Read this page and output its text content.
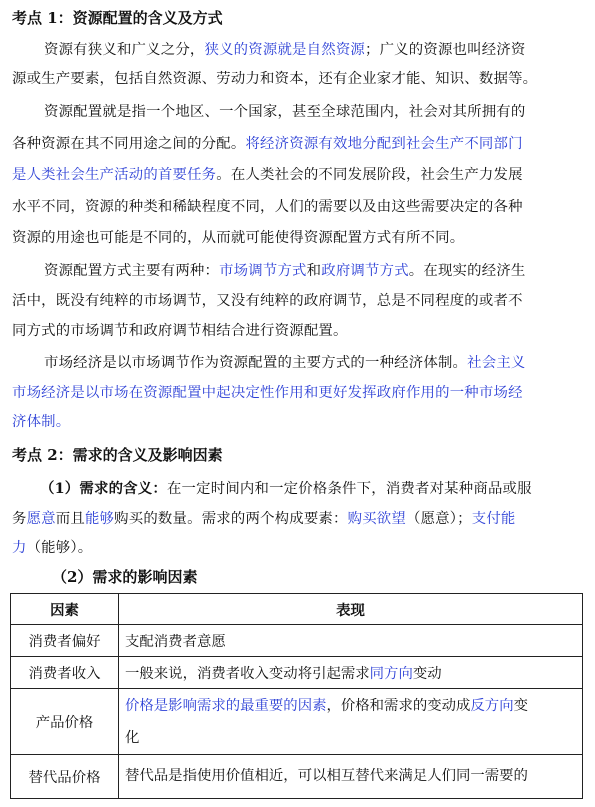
考点 1：资源配置的含义及方式
资源有狭义和广义之分，狭义的资源就是自然资源；广义的资源也叫经济资
源或生产要素，包括自然资源、劳动力和资本，还有企业家才能、知识、数据等。
资源配置就是指一个地区、一个国家，甚至全球范围内，社会对其所拥有的
各种资源在其不同用途之间的分配。将经济资源有效地分配到社会生产不同部门
是人类社会生产活动的首要任务。在人类社会的不同发展阶段，社会生产力发展
水平不同，资源的种类和稀缺程度不同，人们的需要以及由这些需要决定的各种
资源的用途也可能是不同的，从而就可能使得资源配置方式有所不同。
资源配置方式主要有两种：市场调节方式和政府调节方式。在现实的经济生
活中，既没有纯粹的市场调节，又没有纯粹的政府调节，总是不同程度的或者不
同方式的市场调节和政府调节相结合进行资源配置。
市场经济是以市场调节作为资源配置的主要方式的一种经济体制。社会主义
市场经济是以市场在资源配置中起决定性作用和更好发挥政府作用的一种市场经
济体制。
考点 2：需求的含义及影响因素
（1）需求的含义：在一定时间内和一定价格条件下，消费者对某种商品或服
务愿意而且能够购买的数量。需求的两个构成要素：购买欲望（愿意）；支付能
力（能够）。
（2）需求的影响因素
因素	表现
消费者偏好	支配消费者意愿
消费者收入	一般来说，消费者收入变动将引起需求同方向变动
产品价格	价格是影响需求的最重要的因素，价格和需求的变动成反方向变
化
替代品价格	替代品是指使用价值相近，可以相互替代来满足人们同一需要的
